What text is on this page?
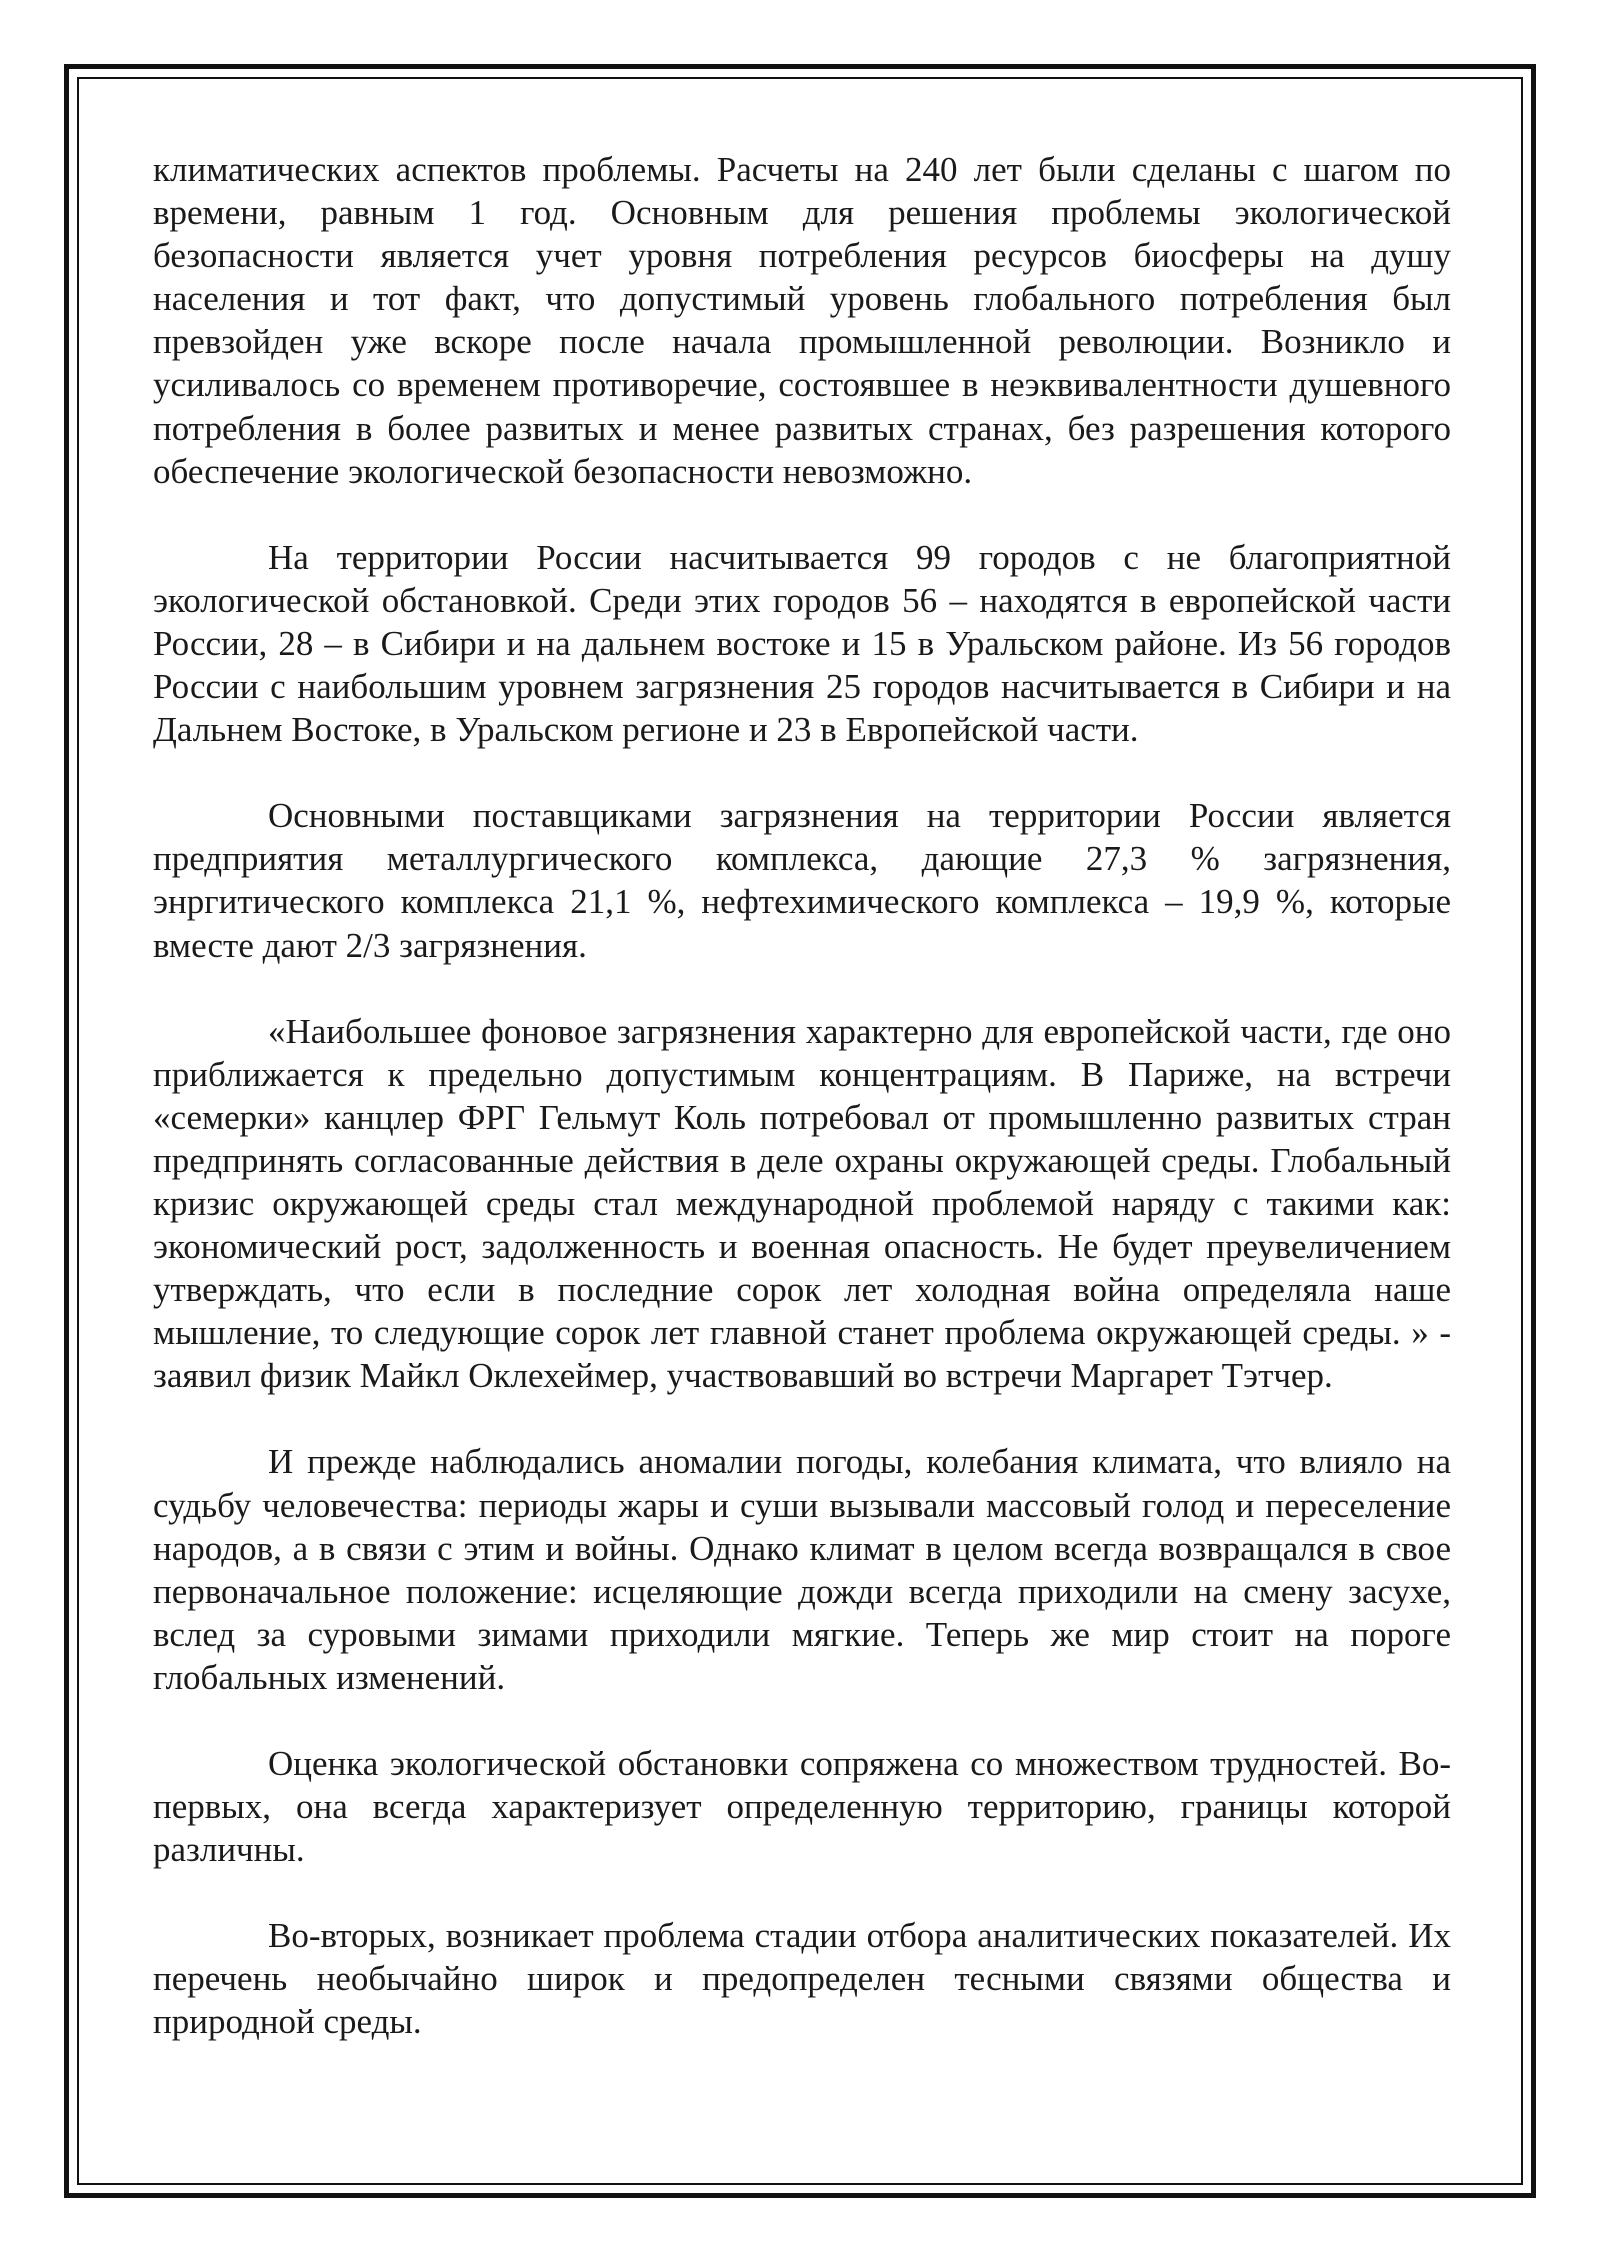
климатических аспектов проблемы. Расчеты на 240 лет были сделаны с шагом по времени, равным 1 год. Основным для решения проблемы экологической безопасности является учет уровня потребления ресурсов биосферы на душу населения и тот факт, что допустимый уровень глобального потребления был превзойден уже вскоре после начала промышленной революции. Возникло и усиливалось со временем противоречие, состоявшее в неэквивалентности душевного потребления в более развитых и менее развитых странах, без разрешения которого обеспечение экологической безопасности невозможно.

На территории России насчитывается 99 городов с не благоприятной экологической обстановкой. Среди этих городов 56 – находятся в европейской части России, 28 – в Сибири и на дальнем востоке и 15 в Уральском районе. Из 56 городов России с наибольшим уровнем загрязнения 25 городов насчитывается в Сибири и на Дальнем Востоке, в Уральском регионе и 23 в Европейской части.

Основными поставщиками загрязнения на территории России является предприятия металлургического комплекса, дающие 27,3 % загрязнения, энргитического комплекса 21,1 %, нефтехимического комплекса – 19,9 %, которые вместе дают 2/3 загрязнения.

«Наибольшее фоновое загрязнения характерно для европейской части, где оно приближается к предельно допустимым концентрациям. В Париже, на встречи «семерки» канцлер ФРГ Гельмут Коль потребовал от промышленно развитых стран предпринять согласованные действия в деле охраны окружающей среды. Глобальный кризис окружающей среды стал международной проблемой наряду с такими как: экономический рост, задолженность и военная опасность. Не будет преувеличением утверждать, что если в последние сорок лет холодная война определяла наше мышление, то следующие сорок лет главной станет проблема окружающей среды. » - заявил физик Майкл Оклехеймер, участвовавший во встречи Маргарет Тэтчер.

И прежде наблюдались аномалии погоды, колебания климата, что влияло на судьбу человечества: периоды жары и суши вызывали массовый голод и переселение народов, а в связи с этим и войны. Однако климат в целом всегда возвращался в свое первоначальное положение: исцеляющие дожди всегда приходили на смену засухе, вслед за суровыми зимами приходили мягкие. Теперь же мир стоит на пороге глобальных изменений.

Оценка экологической обстановки сопряжена со множеством трудностей. Во-первых, она всегда характеризует определенную территорию, границы которой различны.

Во-вторых, возникает проблема стадии отбора аналитических показателей. Их перечень необычайно широк и предопределен тесными связями общества и природной среды.
